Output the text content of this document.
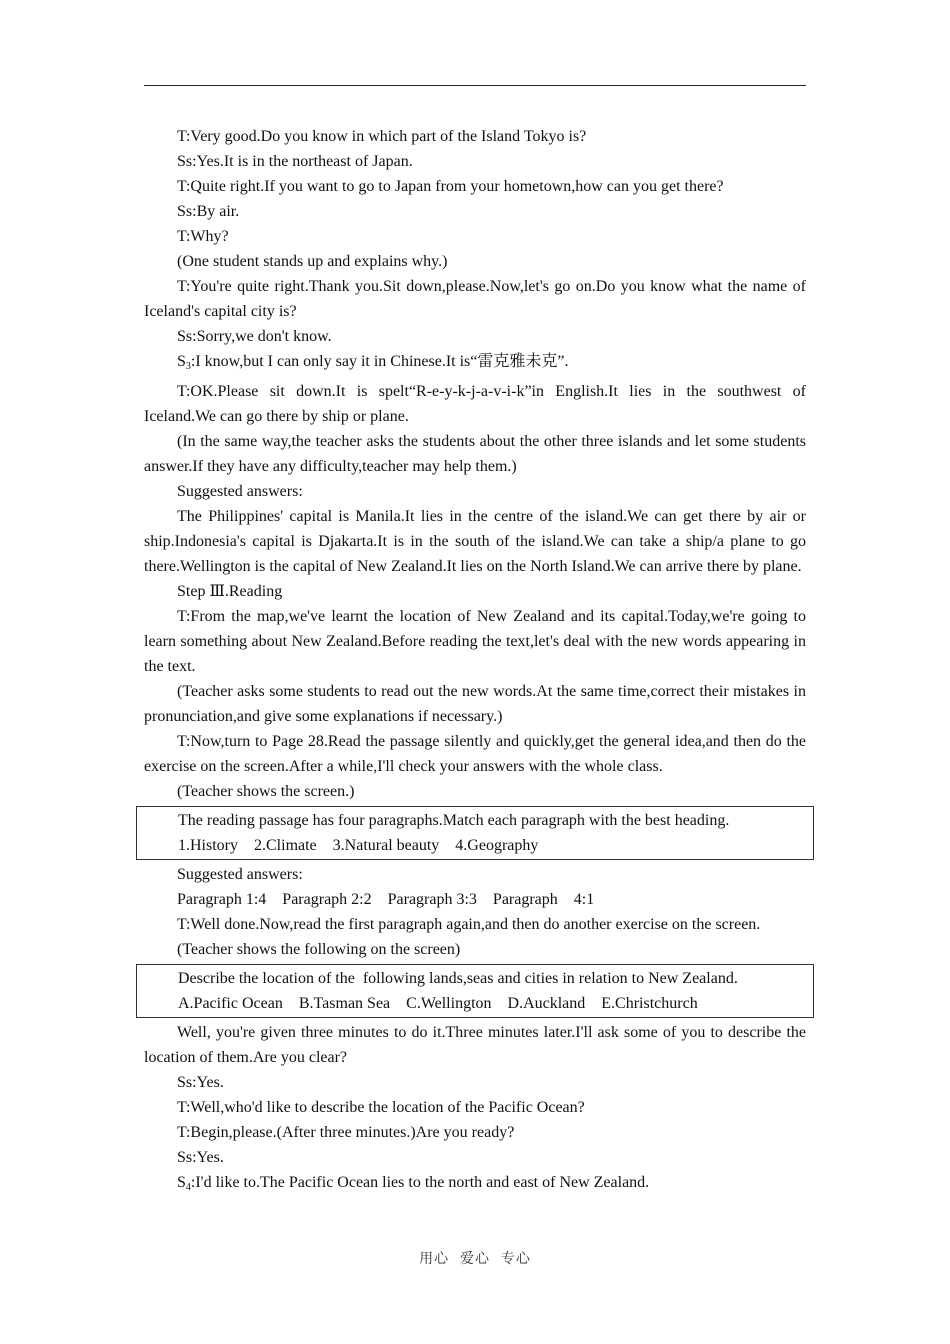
T:Very good.Do you know in which part of the Island Tokyo is?

Ss:Yes.It is in the northeast of Japan.

T:Quite right.If you want to go to Japan from your hometown,how can you get there?

Ss:By air.

T:Why?

(One student stands up and explains why.)

T:You're quite right.Thank you.Sit down,please.Now,let's go on.Do you know what the name of Iceland's capital city is?

Ss:Sorry,we don't know.

$S_3:I$ know,but I can only say it in Chinese.It is“雷克雅未克”.

T:OK.Please sit down.It is spelt“R-e-y-k-j-a-v-i-k”in English.It lies in the southwest of Iceland.We can go there by ship or plane.

(In the same way,the teacher asks the students about the other three islands and let some students answer.If they have any difficulty,teacher may help them.)

Suggested answers:

The Philippines' capital is Manila.It lies in the centre of the island.We can get there by air or ship.Indonesia's capital is Djakarta.It is in the south of the island.We can take a ship/a plane to go there.Wellington is the capital of New Zealand.It lies on the North Island.We can arrive there by plane.

Step Ⅲ.Reading

T:From the map,we've learnt the location of New Zealand and its capital.Today,we're going to learn something about New Zealand.Before reading the text,let's deal with the new words appearing in the text.

(Teacher asks some students to read out the new words.At the same time,correct their mistakes in pronunciation,and give some explanations if necessary.)

T:Now,turn to Page 28.Read the passage silently and quickly,get the general idea,and then do the exercise on the screen.After a while,I'll check your answers with the whole class.

(Teacher shows the screen.)

The reading passage has four paragraphs.Match each paragraph with the best heading.

1.History    2.Climate    3.Natural beauty    4.Geography

Suggested answers:

Paragraph 1:4    Paragraph 2:2    Paragraph 3:3    Paragraph    4:1

T:Well done.Now,read the first paragraph again,and then do another exercise on the screen.

(Teacher shows the following on the screen)

Describe the location of the  following lands,seas and cities in relation to New Zealand.

A.Pacific Ocean    B.Tasman Sea    C.Wellington    D.Auckland    E.Christchurch

Well, you're given three minutes to do it.Three minutes later.I'll ask some of you to describe the location of them.Are you clear?

Ss:Yes.

T:Well,who'd like to describe the location of the Pacific Ocean?

T:Begin,please.(After three minutes.)Are you ready?

Ss:Yes.

$S_4:I'd$ like to.The Pacific Ocean lies to the north and east of New Zealand.

用心  爱心  专心
